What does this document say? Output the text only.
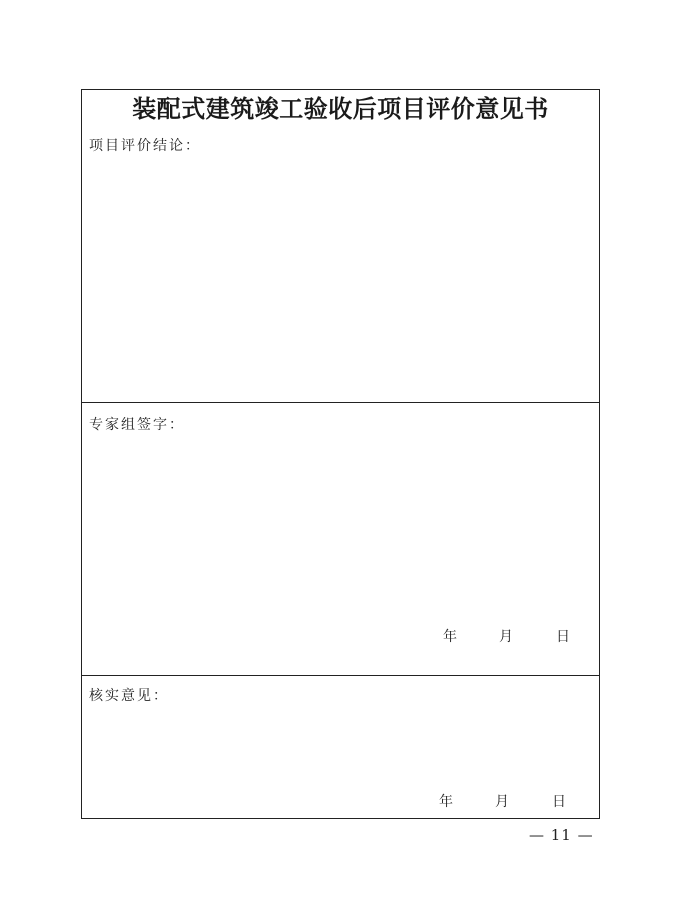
装配式建筑竣工验收后项目评价意见书
项目评价结论：
专家组签字：
年	月	日
核实意见：
年	月	日
— 11 —
